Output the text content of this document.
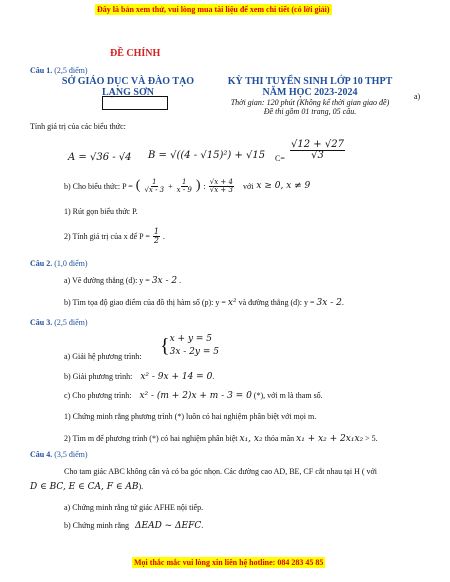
Đây là bản xem thử, vui lòng mua tài liệu để xem chi tiết (có lời giải)
ĐỀ CHÍNH
Câu 1. (2,5 điểm)
SỞ GIÁO DỤC VÀ ĐÀO TẠO
LẠNG SƠN
KỲ THI TUYỂN SINH LỚP 10 THPT
NĂM HỌC 2023-2024
Thời gian: 120 phút (Không kể thời gian giao đề)
Đề thi gồm 01 trang, 05 câu.
a)
Tính giá trị của các biểu thức:
A = √36 - √4 B = √((4 - √15)²) + √15 $C= \frac{√12 + √27}{√3}$
b) Cho biểu thức: P = ( $\frac{1}{√x - 3} + \frac{1}{x - 9}$ ) : $\frac{√x + 4}{√x + 3}$ với x ≥ 0, x ≠ 9
1) Rút gọn biểu thức P.
2) Tính giá trị của x để $P = \frac{1}{2}$ .
Câu 2. (1,0 điểm)
a) Vẽ đường thẳng (d): y = 3x - 2 .
b) Tìm tọa độ giao điểm của đồ thị hàm số (p): y = x² và đường thẳng (d): y = 3x - 2.
Câu 3. (2,5 điểm)
a) Giải hệ phương trình: { x + y = 5
3x - 2y = 5
b) Giải phương trình: x² - 9x + 14 = 0.
c) Cho phương trình: x² - (m + 2)x + m - 3 = 0 (*), với m là tham số.
1) Chứng minh rằng phương trình (*) luôn có hai nghiệm phân biệt với mọi m.
2) Tìm m để phương trình (*) có hai nghiệm phân biệt x₁, x₂ thỏa mãn x₁ + x₂ + 2x₁x₂ > 5.
Câu 4. (3,5 điểm)
Cho tam giác ABC không cân và có ba góc nhọn. Các đường cao AD, BE, CF cắt nhau tại H ( với
D ∈ BC, E ∈ CA, F ∈ AB).
a) Chứng minh rằng tứ giác AFHE nội tiếp.
b) Chứng minh rằng ΔEAD ~ ΔEFC.
Mọi thắc mắc vui lòng xin liên hệ hotline: 084 283 45 85
